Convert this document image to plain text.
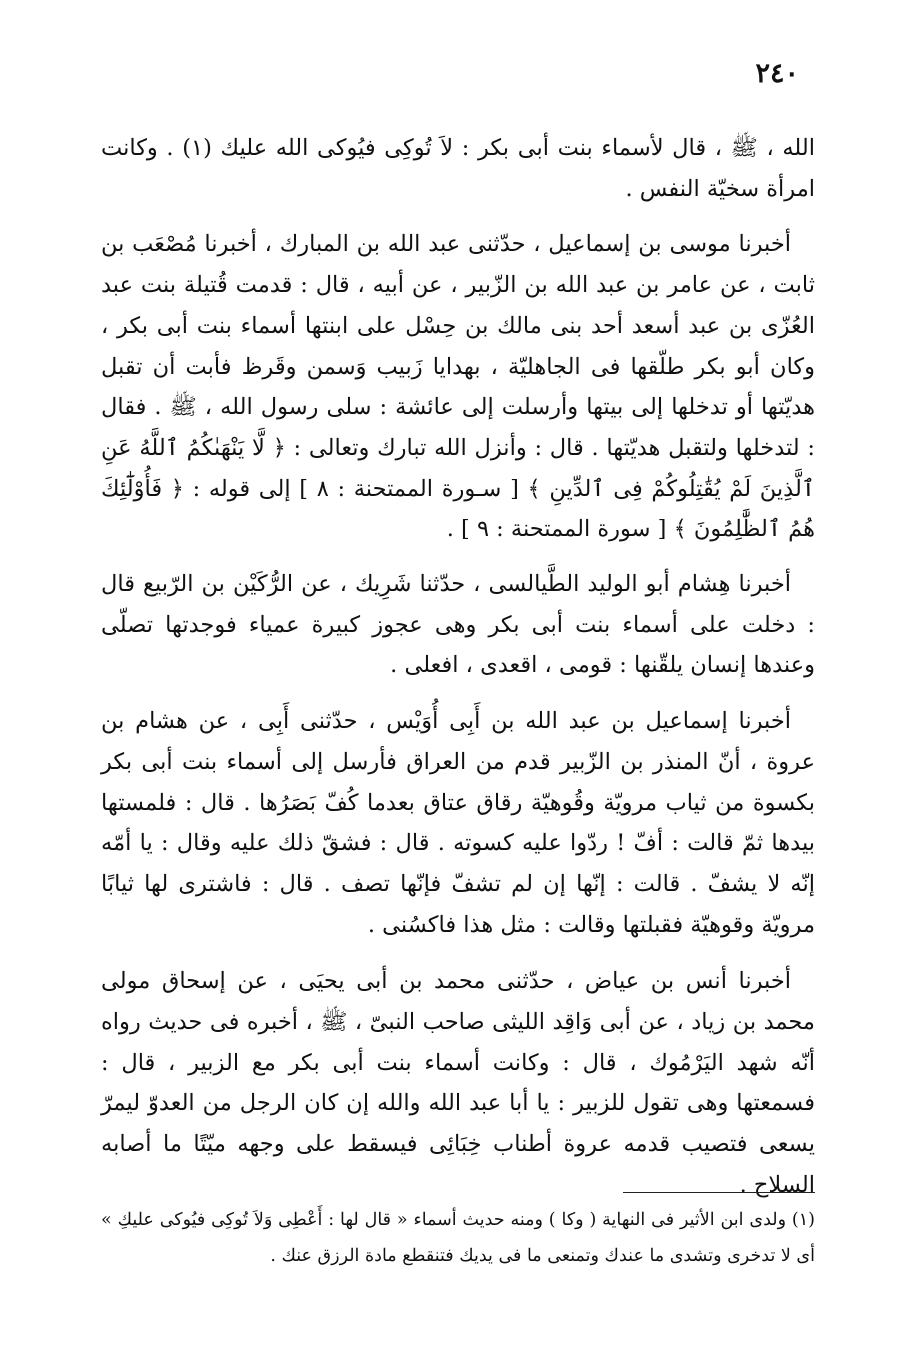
٢٤٠

الله ، ﷺ ، قال لأسماء بنت أبى بكر : لاَ تُوكِى فيُوكى الله عليك (١) . وكانت امرأة سخيّة النفس .

أخبرنا موسى بن إسماعيل ، حدّثنى عبد الله بن المبارك ، أخبرنا مُصْعَب بن ثابت ، عن عامر بن عبد الله بن الزّبير ، عن أبيه ، قال : قدمت قُتيلة بنت عبد العُزّى بن عبد أسعد أحد بنى مالك بن حِسْل على ابنتها أسماء بنت أبى بكر ، وكان أبو بكر طلّقها فى الجاهليّة ، بهدايا زَبيب وَسمن وقَرظ فأبت أن تقبل هديّتها أو تدخلها إلى بيتها وأرسلت إلى عائشة : سلى رسول الله ، ﷺ . فقال : لتدخلها ولتقبل هديّتها . قال : وأنزل الله تبارك وتعالى : ﴿ لَّا يَنْهَىٰكُمُ ٱللَّهُ عَنِ ٱلَّذِينَ لَمْ يُقَٰتِلُوكُمْ فِى ٱلدِّينِ ﴾ [ سـورة الممتحنة : ٨ ] إلى قوله : ﴿ فَأُوْلَٰٓئِكَ هُمُ ٱلظَّٰلِمُونَ ﴾ [ سورة الممتحنة : ٩ ] .

أخبرنا هِشام أبو الوليد الطَّيالسى ، حدّثنا شَرِيك ، عن الرُّكَيْن بن الرّبيع قال : دخلت على أسماء بنت أبى بكر وهى عجوز كبيرة عمياء فوجدتها تصلّى وعندها إنسان يلقّنها : قومى ، اقعدى ، افعلى .

أخبرنا إسماعيل بن عبد الله بن أَبِى أُوَيْس ، حدّثنى أَبِى ، عن هشام بن عروة ، أنّ المنذر بن الزّبير قدم من العراق فأرسل إلى أسماء بنت أبى بكر بكسوة من ثياب مرويّة وقُوهيّة رقاق عتاق بعدما كُفّ بَصَرُها . قال : فلمستها بيدها ثمّ قالت : أفّ ! ردّوا عليه كسوته . قال : فشقّ ذلك عليه وقال : يا أمّه إنّه لا يشفّ . قالت : إنّها إن لم تشفّ فإنّها تصف . قال : فاشترى لها ثيابًا مرويّة وقوهيّة فقبلتها وقالت : مثل هذا فاكسُنى .

أخبرنا أنس بن عياض ، حدّثنى محمد بن أبى يحيَى ، عن إسحاق مولى محمد بن زياد ، عن أبى وَاقِد الليثى صاحب النبىّ ، ﷺ ، أخبره فى حديث رواه أنّه شهد اليَرْمُوك ، قال : وكانت أسماء بنت أبى بكر مع الزبير ، قال : فسمعتها وهى تقول للزبير : يا أبا عبد الله والله إن كان الرجل من العدوّ ليمرّ يسعى فتصيب قدمه عروة أطناب خِبَائِى فيسقط على وجهه ميّتًا ما أصابه السلاح .

(١) ولدى ابن الأثير فى النهاية ( وكا ) ومنه حديث أسماء « قال لها : أَعْطِى وَلاَ تُوكِى فيُوكى عليكِ » أى لا تدخرى وتشدى ما عندك وتمنعى ما فى يديك فتنقطع مادة الرزق عنك .
